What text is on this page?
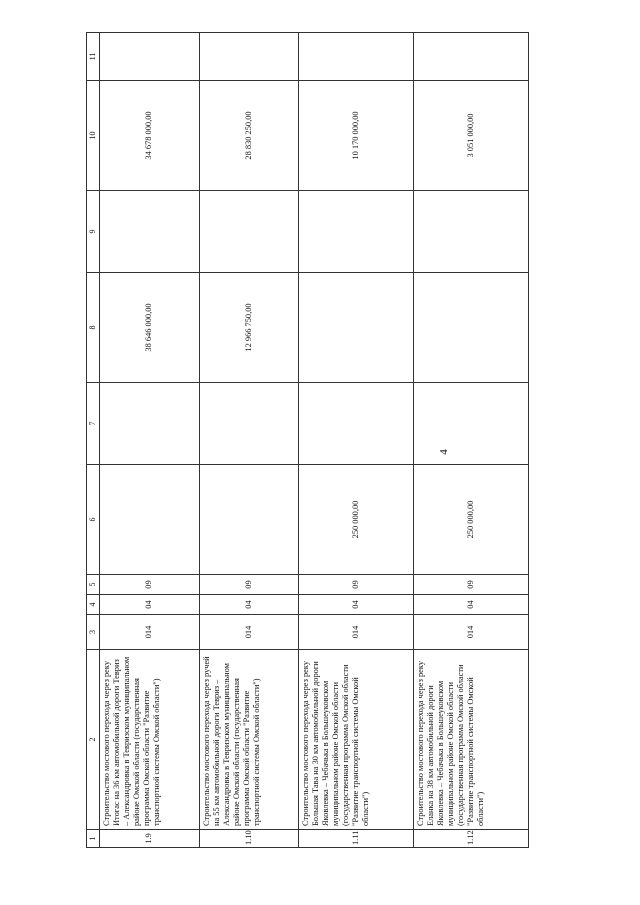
4
1	2	3	4	5	6	7	8	9	10	11
1.9	Строительство мостового перехода через реку Итогас на 36 км автомобильной дороги Тевриз – Александровка в Тевризском муниципальном районе Омской области (государственная программа Омской области "Развитие транспортной системы Омской области")	014	04	09			38 646 000,00		34 678 000,00	
1.10	Строительство мостового перехода через ручей на 55 км автомобильной дороги Тевриз – Александровка в Тевризском муниципальном районе Омской области (государственная программа Омской области "Развитие транспортной системы Омской области")	014	04	09			12 966 750,00		28 830 250,00	
1.11	Строительство мостового перехода через реку Большая Тава на 30 км автомобильной дороги Яковлевка – Чебачька в Большеуковском муниципальном районе Омской области (государственная программа Омской области "Развитие транспортной системы Омской области")	014	04	09	250 000,00				10 170 000,00	
1.12	Строительство мостового перехода через реку Еланка на 38 км автомобильной дороги Яковлевка – Чебачька в Большеуковском муниципальном районе Омской области (государственная программа Омской области "Развитие транспортной системы Омской области")	014	04	09	250 000,00				3 051 000,00	
